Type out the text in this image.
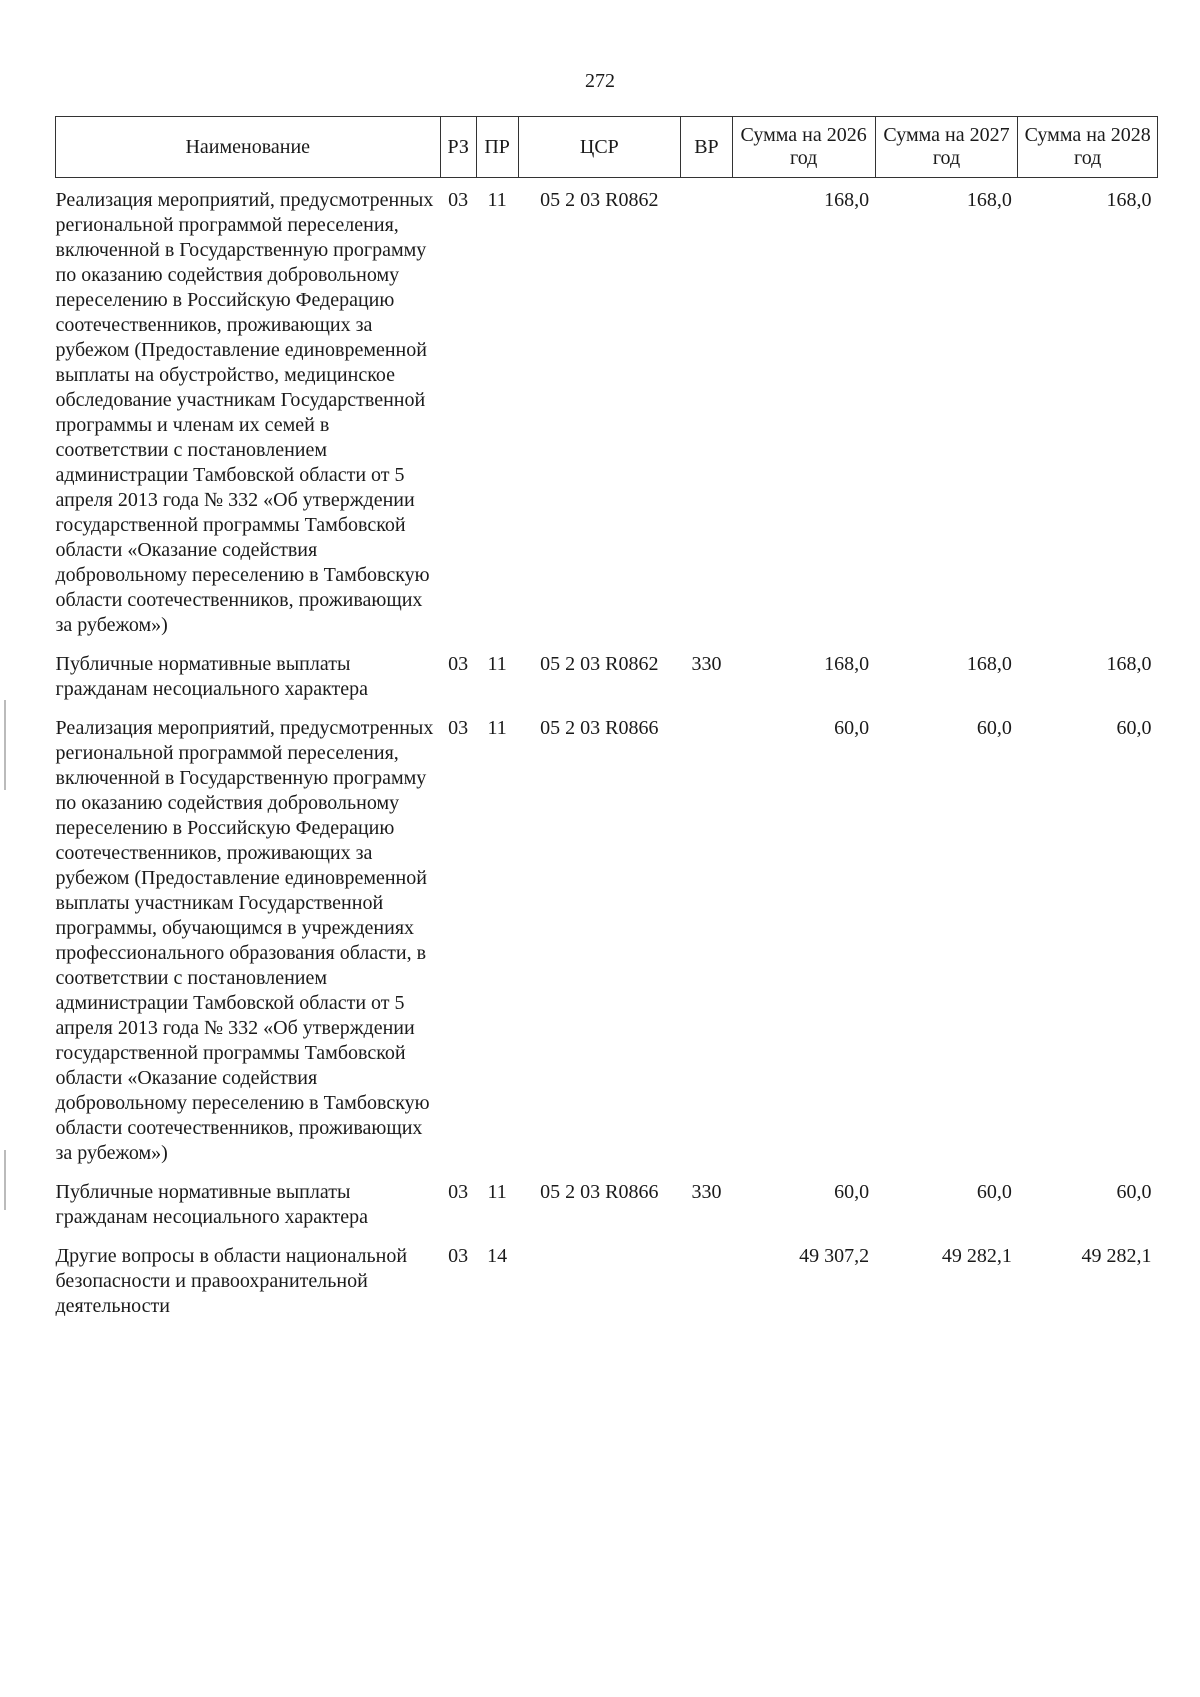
272
Наименование	РЗ	ПР	ЦСР	ВР	Сумма на 2026 год	Сумма на 2027 год	Сумма на 2028 год
Реализация мероприятий, предусмотренных региональной программой переселения, включенной в Государственную программу по оказанию содействия добровольному переселению в Российскую Федерацию соотечественников, проживающих за рубежом (Предоставление единовременной выплаты на обустройство, медицинское обследование участникам Государственной программы и членам их семей в соответствии с постановлением администрации Тамбовской области от 5 апреля 2013 года № 332 «Об утверждении государственной программы Тамбовской области «Оказание содействия добровольному переселению в Тамбовскую области соотечественников, проживающих за рубежом»)	03	11	05 2 03 R0862		168,0	168,0	168,0
Публичные нормативные выплаты гражданам несоциального характера	03	11	05 2 03 R0862	330	168,0	168,0	168,0
Реализация мероприятий, предусмотренных региональной программой переселения, включенной в Государственную программу по оказанию содействия добровольному переселению в Российскую Федерацию соотечественников, проживающих за рубежом (Предоставление единовременной выплаты участникам Государственной программы, обучающимся в учреждениях профессионального образования области, в соответствии с постановлением администрации Тамбовской области от 5 апреля 2013 года № 332 «Об утверждении государственной программы Тамбовской области «Оказание содействия добровольному переселению в Тамбовскую области соотечественников, проживающих за рубежом»)	03	11	05 2 03 R0866		60,0	60,0	60,0
Публичные нормативные выплаты гражданам несоциального характера	03	11	05 2 03 R0866	330	60,0	60,0	60,0
Другие вопросы в области национальной безопасности и правоохранительной деятельности	03	14			49 307,2	49 282,1	49 282,1
